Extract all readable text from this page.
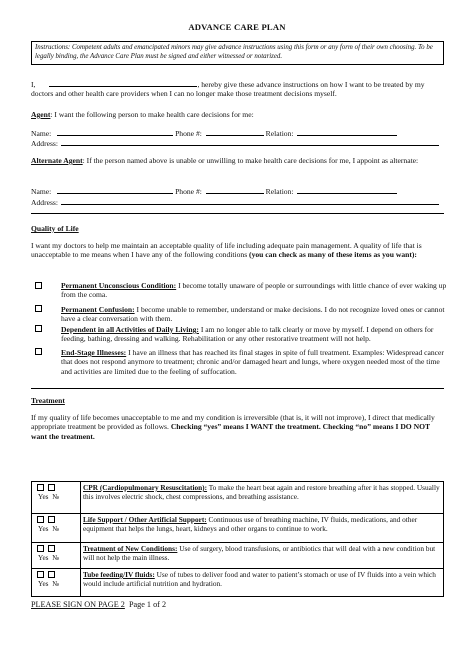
ADVANCE CARE PLAN
Instructions: Competent adults and emancipated minors may give advance instructions using this form or any form of their own choosing. To be legally binding, the Advance Care Plan must be signed and either witnessed or notarized.
I,	, hereby give these advance instructions on how I want to be treated by my doctors and other health care providers when I can no longer make those treatment decisions myself.
Agent: I want the following person to make health care decisions for me:
Name:	Phone #:	Relation:
Address:
Alternate Agent: If the person named above is unable or unwilling to make health care decisions for me, I appoint as alternate:
Name:	Phone #:	Relation:
Address:
Quality of Life
I want my doctors to help me maintain an acceptable quality of life including adequate pain management. A quality of life that is unacceptable to me means when I have any of the following conditions (you can check as many of these items as you want):
Permanent Unconscious Condition: I become totally unaware of people or surroundings with little chance of ever waking up from the coma.
Permanent Confusion: I become unable to remember, understand or make decisions. I do not recognize loved ones or cannot have a clear conversation with them.
Dependent in all Activities of Daily Living: I am no longer able to talk clearly or move by myself. I depend on others for feeding, bathing, dressing and walking. Rehabilitation or any other restorative treatment will not help.
End-Stage Illnesses: I have an illness that has reached its final stages in spite of full treatment. Examples: Widespread cancer that does not respond anymore to treatment; chronic and/or damaged heart and lungs, where oxygen needed most of the time and activities are limited due to the feeling of suffocation.
Treatment
If my quality of life becomes unacceptable to me and my condition is irreversible (that is, it will not improve), I direct that medically appropriate treatment be provided as follows. Checking “yes” means I WANT the treatment. Checking “no” means I DO NOT want the treatment.
Yes №	CPR (Cardiopulmonary Resuscitation): To make the heart beat again and restore breathing after it has stopped. Usually this involves electric shock, chest compressions, and breathing assistance.

Yes №	Life Support / Other Artificial Support: Continuous use of breathing machine, IV fluids, medications, and other equipment that helps the lungs, heart, kidneys and other organs to continue to work.

Yes №	Treatment of New Conditions: Use of surgery, blood transfusions, or antibiotics that will deal with a new condition but will not help the main illness.

Yes №	Tube feeding/IV fluids: Use of tubes to deliver food and water to patient’s stomach or use of IV fluids into a vein which would include artificial nutrition and hydration.
PLEASE SIGN ON PAGE 2 Page 1 of 2
